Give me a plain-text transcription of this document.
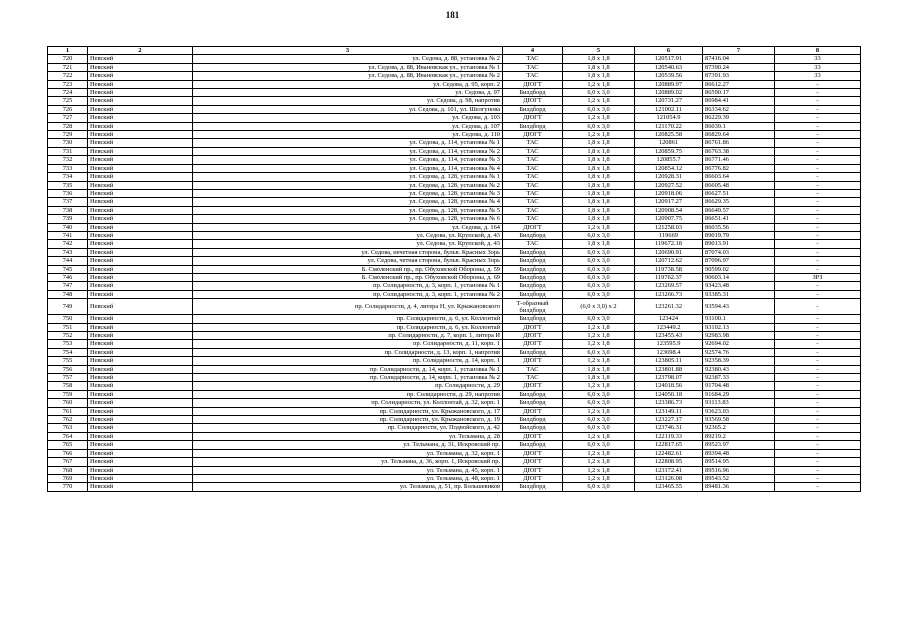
181
1	2	3	4	5	6	7	8
720	Невский	ул. Седова, д. 88, установка № 2	ТАС	1,8 х 1,8	120517.91	87416.04	33
721	Невский	ул. Седова, д. 88, Ивановская ул., установка № 1	ТАС	1,8 х 1,8	120540.63	87390.24	33
722	Невский	ул. Седова, д. 88, Ивановская ул., установка № 2	ТАС	1,8 х 1,8	120539.56	87391.93	33
723	Невский	ул. Седова, д. 95, корп. 2	ДЮГТ	1,2 х 1,8	120889.97	86612.27	-
724	Невский	ул. Седова, д. 97	Билдборд	6,0 х 3,0	120889.02	86590.17	-
725	Невский	ул. Седова, д. 98, напротив	ДЮГТ	1,2 х 1,8	120731.27	86984.41	-
726	Невский	ул. Седова, д. 101, ул. Шелгунова	Билдборд	6,0 х 3,0	121002.11	86334.62	-
727	Невский	ул. Седова, д. 103	ДЮГТ	1,2 х 1,8	121054.9	86229.39	-
728	Невский	ул. Седова, д. 107	Билдборд	6,0 х 3,0	121170.22	86039.1	-
729	Невский	ул. Седова, д. 110	ДЮГТ	1,2 х 1,8	120825.58	86829.64	-
730	Невский	ул. Седова, д. 114, установка № 1	ТАС	1,8 х 1,8	120861	86761.86	-
731	Невский	ул. Седова, д. 114, установка № 2	ТАС	1,8 х 1,8	120859.75	86763.38	-
732	Невский	ул. Седова, д. 114, установка № 3	ТАС	1,8 х 1,8	120855.7	86771.46	-
733	Невский	ул. Седова, д. 114, установка № 4	ТАС	1,8 х 1,8	120854.12	86776.82	-
734	Невский	ул. Седова, д. 128, установка № 1	ТАС	1,8 х 1,8	120928.31	86603.64	-
735	Невский	ул. Седова, д. 128, установка № 2	ТАС	1,8 х 1,8	120927.52	86605.48	-
736	Невский	ул. Седова, д. 128, установка № 3	ТАС	1,8 х 1,8	120918.06	86627.51	-
737	Невский	ул. Седова, д. 128, установка № 4	ТАС	1,8 х 1,8	120917.27	86629.35	-
738	Невский	ул. Седова, д. 128, установка № 5	ТАС	1,8 х 1,8	120908.54	86649.57	-
739	Невский	ул. Седова, д. 128, установка № 6	ТАС	1,8 х 1,8	120907.75	86651.41	-
740	Невский	ул. Седова, д. 164	ДЮГТ	1,2 х 1,8	121258.03	86035.56	-
741	Невский	ул. Седова, ул. Крупской, д. 43	Билдборд	6,0 х 3,0	119669	89019.79	-
742	Невский	ул. Седова, ул. Крупской, д. 43	ТАС	1,8 х 1,8	119672.18	89013.91	-
743	Невский	ул. Седова, нечетная сторона, бульв. Красных Зорь	Билдборд	6,0 х 3,0	120690.91	87074.03	-
744	Невский	ул. Седова, четная сторона, бульв. Красных Зорь	Билдборд	6,0 х 3,0	120712.62	87096.97	-
745	Невский	Б. Смоленский пр., пр. Обуховской Обороны, д. 59	Билдборд	6,0 х 3,0	119738.58	90599.02	-
746	Невский	Б. Смоленский пр., пр. Обуховской Обороны, д. 69	Билдборд	6,0 х 3,0	119762.37	90603.14	ЗРЗ
747	Невский	пр. Солидарности, д. 3, корп. 1, установка № 1	Билдборд	6,0 х 3,0	123269.57	93423.48	-
748	Невский	пр. Солидарности, д. 3, корп. 1, установка № 2	Билдборд	6,0 х 3,0	123266.73	93385.31	-
749	Невский	пр. Солидарности, д. 4, литера Н, ул. Крыжановского	Т-образный билдборд	(6,0 х 3,0) х 2	123261.32	93594.43	-
750	Невский	пр. Солидарности, д. 6, ул. Коллонтай	Билдборд	6,0 х 3,0	123424	93100.1	-
751	Невский	пр. Солидарности, д. 6, ул. Коллонтай	ДЮГТ	1,2 х 1,8	123449.2	93102.13	-
752	Невский	пр. Солидарности, д. 7, корп. 1, литера И	ДЮГТ	1,2 х 1,8	123455.43	92983.98	-
753	Невский	пр. Солидарности, д. 11, корп. 1	ДЮГТ	1,2 х 1,8	123595.9	92694.02	-
754	Невский	пр. Солидарности, д. 13, корп. 1, напротив	Билдборд	6,0 х 3,0	123698.4	92574.76	-
755	Невский	пр. Солидарности, д. 14, корп. 1	ДЮГТ	1,2 х 1,8	123805.11	92358.39	-
756	Невский	пр. Солидарности, д. 14, корп. 1, установка № 1	ТАС	1,8 х 1,8	123801.88	92380.43	-
757	Невский	пр. Солидарности, д. 14, корп. 1, установка № 2	ТАС	1,8 х 1,8	123798.07	92387.33	-
758	Невский	пр. Солидарности, д. 29	ДЮГТ	1,2 х 1,8	124018.56	91704.48	-
759	Невский	пр. Солидарности, д. 29, напротив	Билдборд	6,0 х 3,0	124050.18	91684.29	-
760	Невский	пр. Солидарности, ул. Коллонтай, д. 32, корп. 1	Билдборд	6,0 х 3,0	123386.73	93113.83	-
761	Невский	пр. Солидарности, ул. Крыжановского, д. 17	ДЮГТ	1,2 х 1,8	123149.11	93623.03	-
762	Невский	пр. Солидарности, ул. Крыжановского, д. 19	Билдборд	6,0 х 3,0	123227.17	93569.58	-
763	Невский	пр. Солидарности, ул. Подвойского, д. 42	Билдборд	6,0 х 3,0	123746.31	92365.2	-
764	Невский	ул. Тельмана, д. 28	ДЮГТ	1,2 х 1,8	122119.33	89219.2	-
765	Невский	ул. Тельмана, д. 31, Искровский пр.	Билдборд	6,0 х 3,0	122817.65	89523.97	-
766	Невский	ул. Тельмана, д. 32, корп. 1	ДЮГТ	1,2 х 1,8	122482.61	89394.48	-
767	Невский	ул. Тельмана, д. 36, корп. 1, Искровский пр.	ДЮГТ	1,2 х 1,8	122808.95	89514.95	-
768	Невский	ул. Тельмана, д. 45, корп. 1	ДЮГТ	1,2 х 1,8	123172.41	89516.96	-
769	Невский	ул. Тельмана, д. 48, корп. 1	ДЮГТ	1,2 х 1,8	123126.08	89543.52	-
770	Невский	ул. Тельмана, д. 51, пр. Большевиков	Билдборд	6,0 х 3,0	123465.55	89481.36	-
